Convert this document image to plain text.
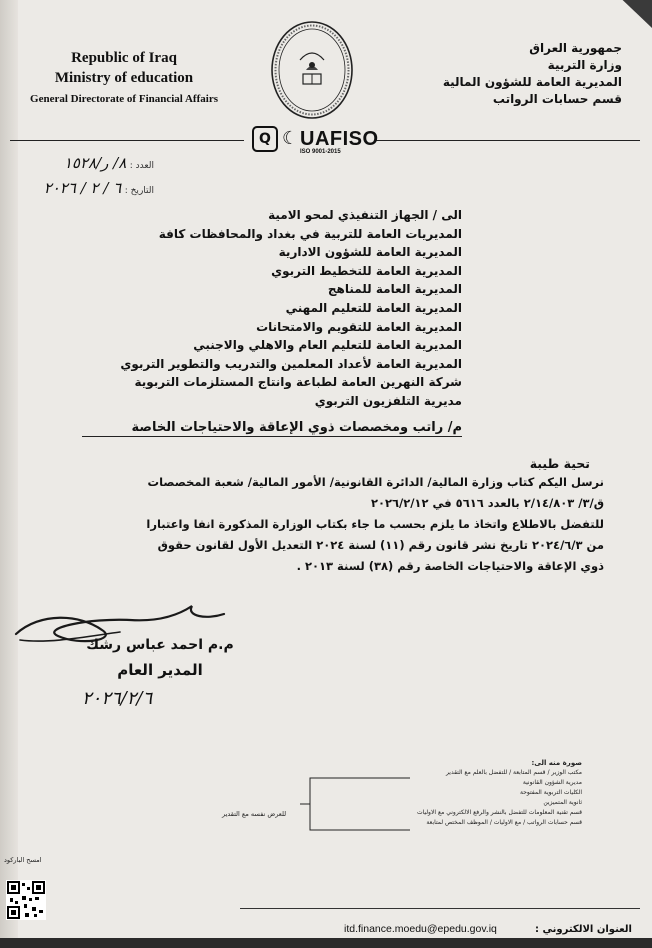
Republic of Iraq
Ministry of education
General Directorate of Financial Affairs
جمهورية العراق
وزارة التربية
المديرية العامة للشؤون المالية
قسم حسابات الرواتب
Q ☾ UAFISO
ISO 9001-2015
العدد : ٨/ ر/١٥٢٨
التاريخ : ٦ / ٢ / ٢٠٢٦
الى / الجهاز التنفيذي لمحو الامية
المديريات العامة للتربية في بغداد والمحافظات كافة
المديرية العامة للشؤون الادارية
المديرية العامة للتخطيط التربوي
المديرية العامة للمناهج
المديرية العامة للتعليم المهني
المديرية العامة للتقويم والامتحانات
المديرية العامة للتعليم العام والاهلي والاجنبي
المديرية العامة لأعداد المعلمين والتدريب والتطوير التربوي
شركة النهرين العامة لطباعة وانتاج المستلزمات التربوية
مديرية التلفزيون التربوي
م/ راتب ومخصصات ذوي الإعاقة والاحتياجات الخاصة
تحية طيبة
نرسل اليكم كتاب وزارة المالية/ الدائرة القانونية/ الأمور المالية/ شعبة المخصصات
ق/٣/ ٢/١٤/٨٠٣ بالعدد ٥٦١٦ في ٢٠٢٦/٢/١٢
للتفضل بالاطلاع واتخاذ ما يلزم بحسب ما جاء بكتاب الوزارة المذكورة انفا واعتبارا
من ٢٠٢٤/٦/٣ تاريخ نشر قانون رقم (١١) لسنة ٢٠٢٤ التعديل الأول لقانون حقوق
ذوي الإعاقة والاحتياجات الخاصة رقم (٣٨) لسنة ٢٠١٣ .
م.م احمد عباس رشك
المدير العام
٢٠٢٦/٢/٦
صورة منه الى:
مكتب الوزير / قسم المتابعة / للتفضل بالعلم مع التقدير
مديرية الشؤون القانونية
الكليات التربوية المفتوحة
ثانوية المتميزين
قسم تقنية المعلومات للتفضل بالنشر والرفع الالكتروني مع الاوليات
قسم حسابات الرواتب / مع الاوليات / الموظف المختص لمتابعة
للعرض نفسه مع التقدير
امسح الباركود
العنوان الالكتروني :
itd.finance.moedu@epedu.gov.iq
